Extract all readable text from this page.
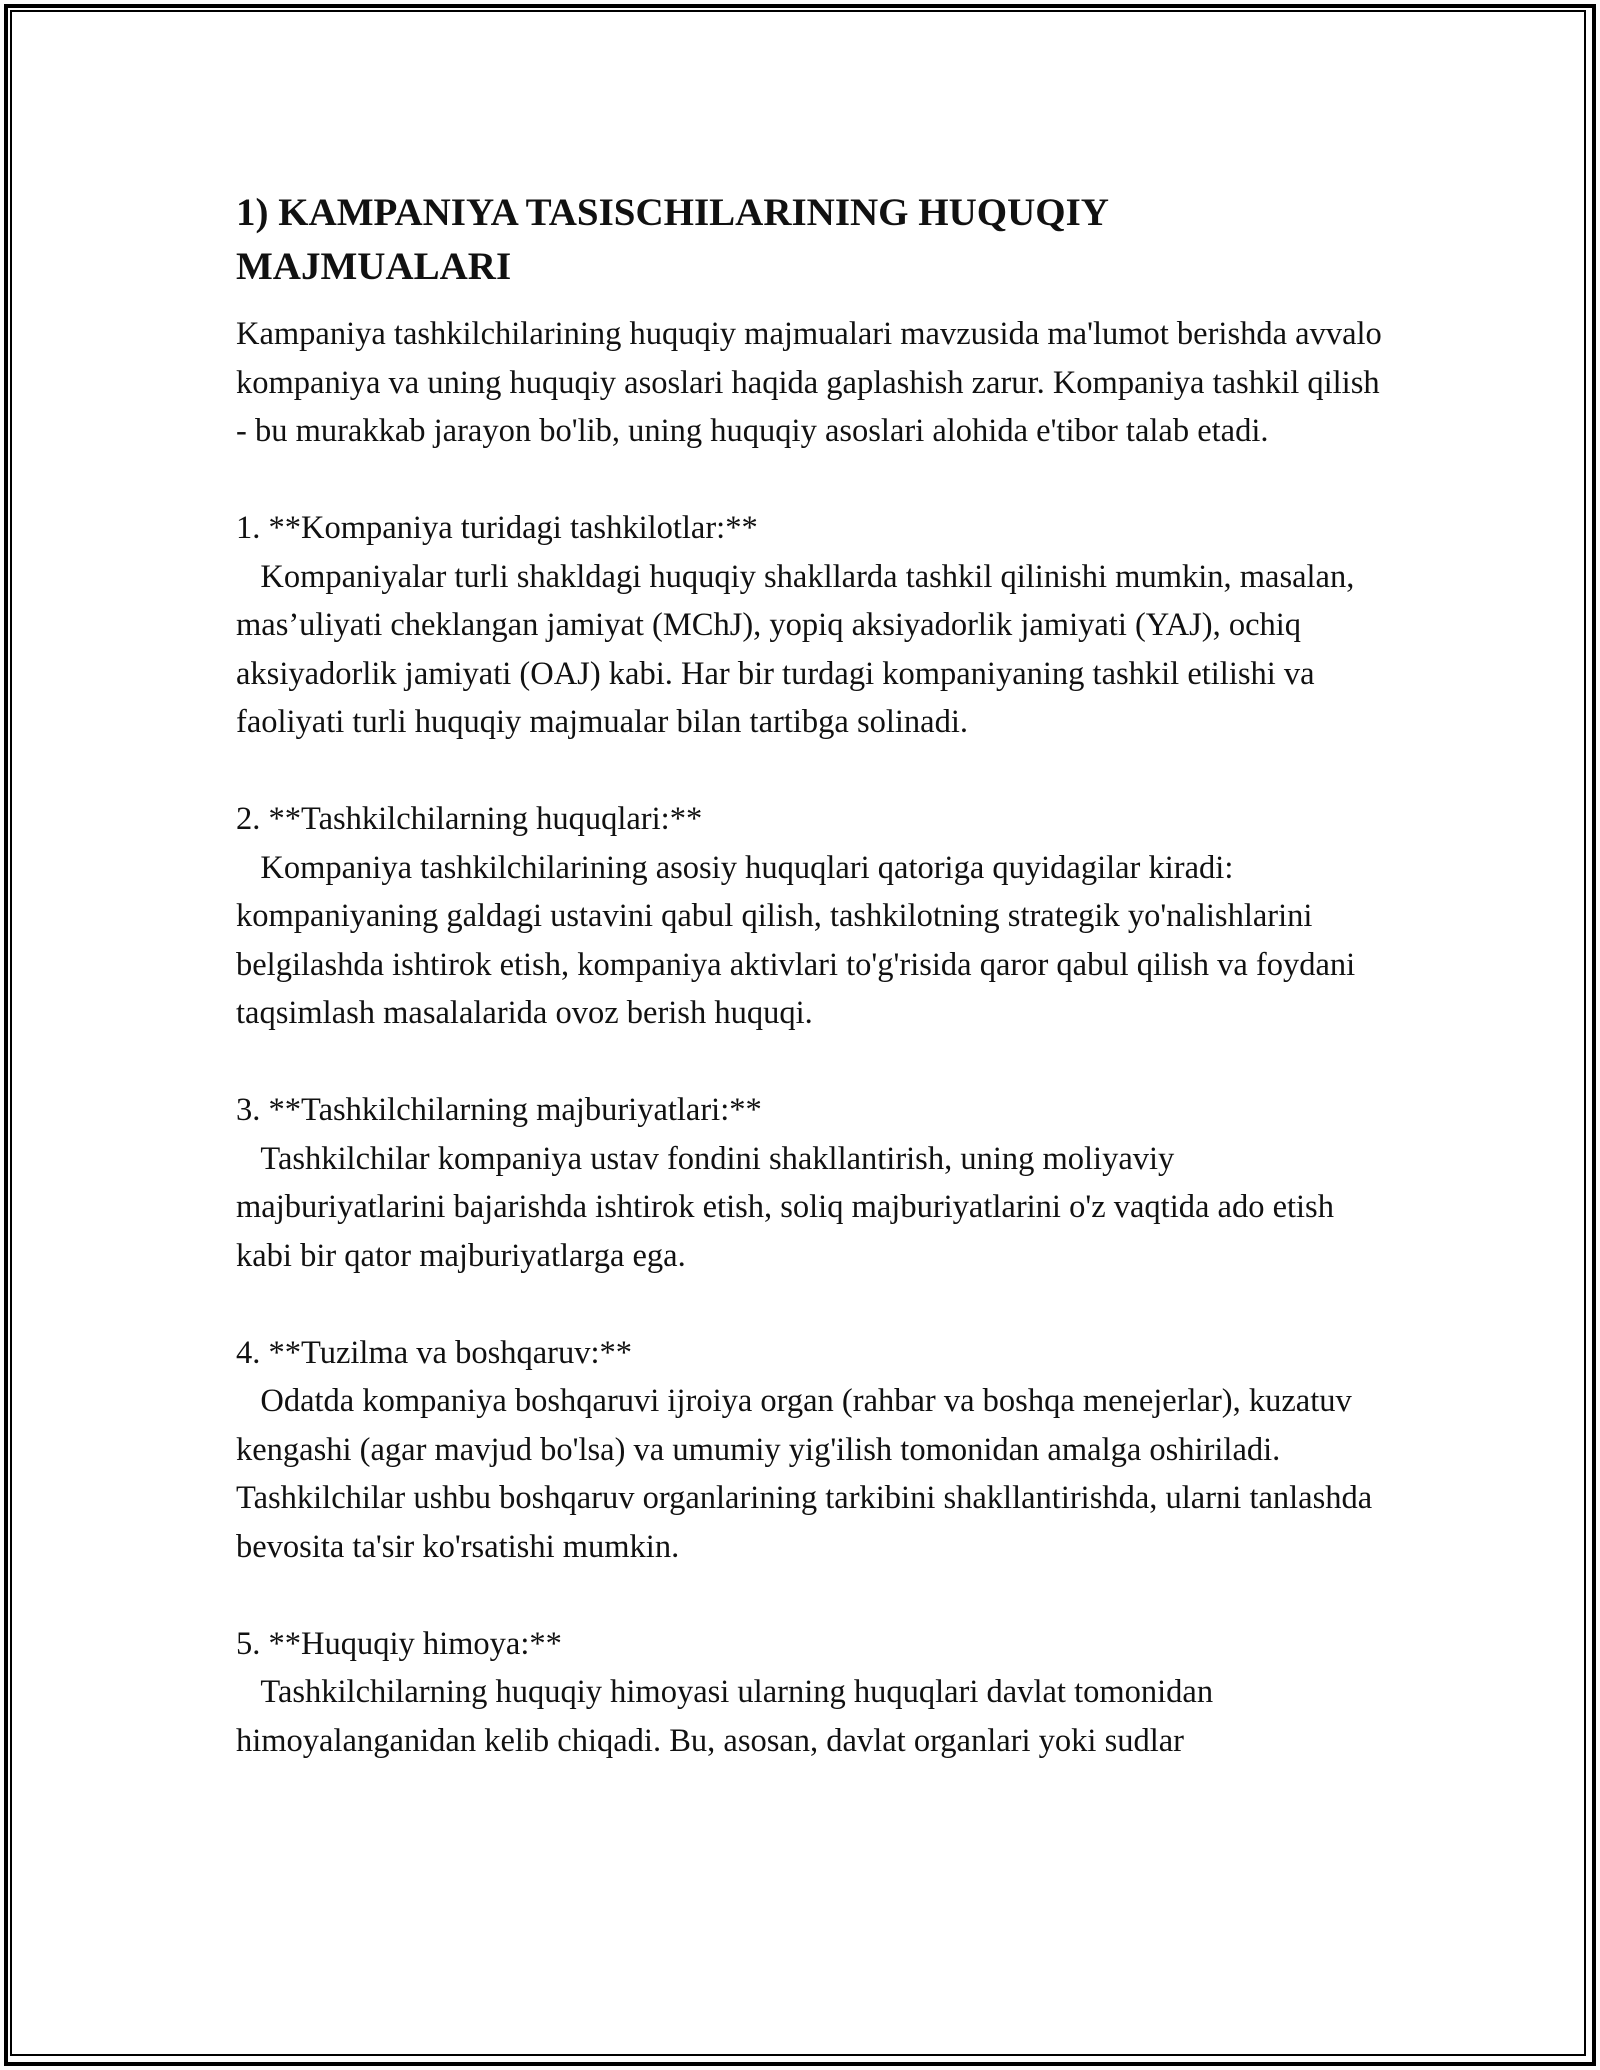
1) KAMPANIYA TASISCHILARINING HUQUQIY MAJMUALARI

Kampaniya tashkilchilarining huquqiy majmualari mavzusida ma'lumot berishda avvalo kompaniya va uning huquqiy asoslari haqida gaplashish zarur. Kompaniya tashkil qilish - bu murakkab jarayon bo'lib, uning huquqiy asoslari alohida e'tibor talab etadi.

1. **Kompaniya turidagi tashkilotlar:**

Kompaniyalar turli shakldagi huquqiy shakllarda tashkil qilinishi mumkin, masalan, mas’uliyati cheklangan jamiyat (MChJ), yopiq aksiyadorlik jamiyati (YAJ), ochiq aksiyadorlik jamiyati (OAJ) kabi. Har bir turdagi kompaniyaning tashkil etilishi va faoliyati turli huquqiy majmualar bilan tartibga solinadi.

2. **Tashkilchilarning huquqlari:**

Kompaniya tashkilchilarining asosiy huquqlari qatoriga quyidagilar kiradi: kompaniyaning galdagi ustavini qabul qilish, tashkilotning strategik yo'nalishlarini belgilashda ishtirok etish, kompaniya aktivlari to'g'risida qaror qabul qilish va foydani taqsimlash masalalarida ovoz berish huquqi.

3. **Tashkilchilarning majburiyatlari:**

Tashkilchilar kompaniya ustav fondini shakllantirish, uning moliyaviy majburiyatlarini bajarishda ishtirok etish, soliq majburiyatlarini o'z vaqtida ado etish kabi bir qator majburiyatlarga ega.

4. **Tuzilma va boshqaruv:**

Odatda kompaniya boshqaruvi ijroiya organ (rahbar va boshqa menejerlar), kuzatuv kengashi (agar mavjud bo'lsa) va umumiy yig'ilish tomonidan amalga oshiriladi. Tashkilchilar ushbu boshqaruv organlarining tarkibini shakllantirishda, ularni tanlashda bevosita ta'sir ko'rsatishi mumkin.

5. **Huquqiy himoya:**

Tashkilchilarning huquqiy himoyasi ularning huquqlari davlat tomonidan himoyalanganidan kelib chiqadi. Bu, asosan, davlat organlari yoki sudlar
